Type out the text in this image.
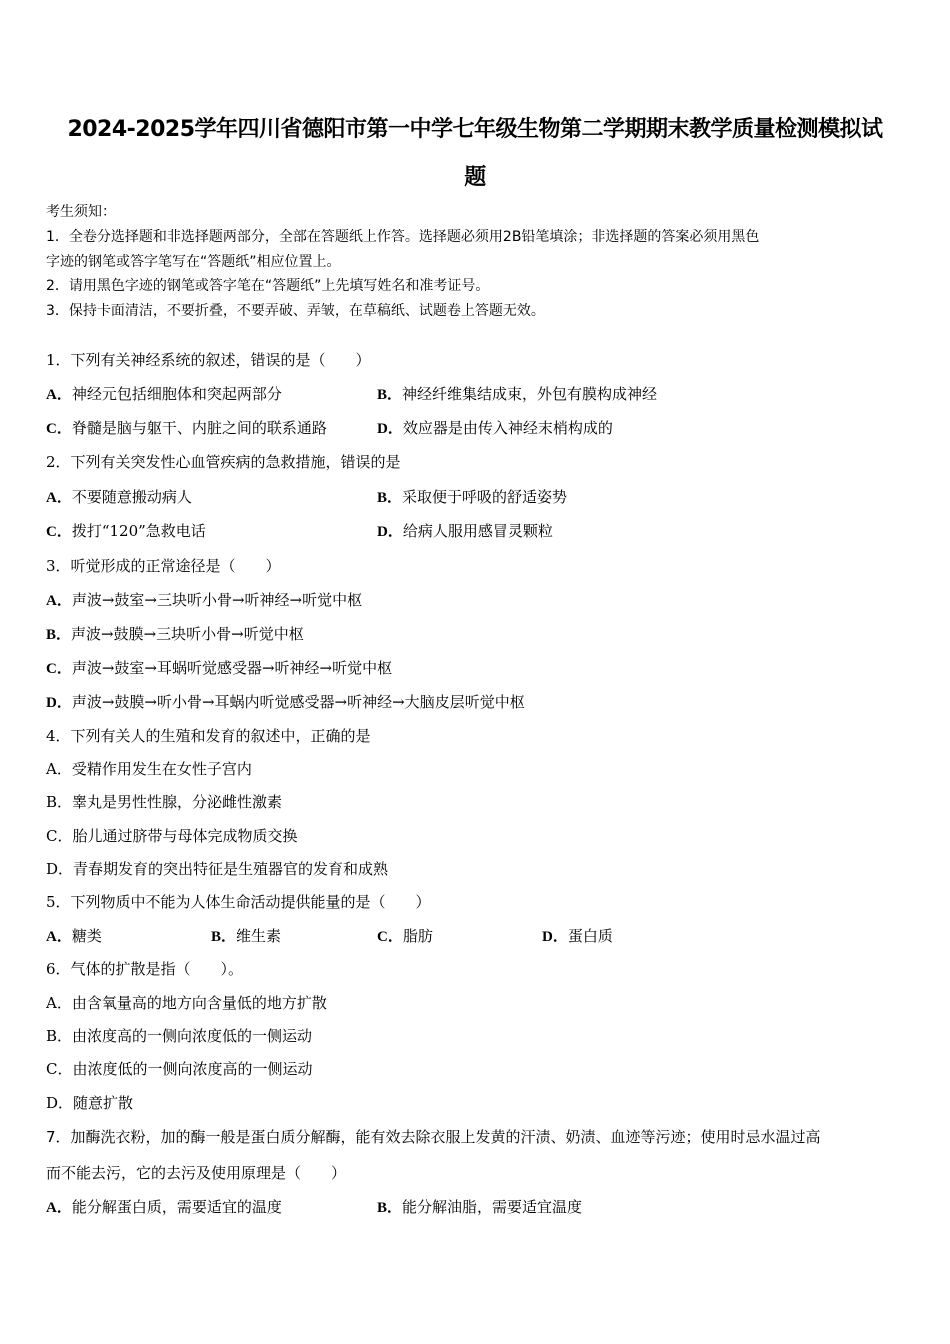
2024-2025学年四川省德阳市第一中学七年级生物第二学期期末教学质量检测模拟试
题
考生须知：
1．全卷分选择题和非选择题两部分，全部在答题纸上作答。选择题必须用2B铅笔填涂；非选择题的答案必须用黑色
字迹的钢笔或答字笔写在“答题纸”相应位置上。
2．请用黑色字迹的钢笔或答字笔在“答题纸”上先填写姓名和准考证号。
3．保持卡面清洁，不要折叠，不要弄破、弄皱，在草稿纸、试题卷上答题无效。
1．下列有关神经系统的叙述，错误的是（　　）
A．神经元包括细胞体和突起两部分	B．神经纤维集结成束，外包有膜构成神经
C．脊髓是脑与躯干、内脏之间的联系通路	D．效应器是由传入神经末梢构成的
2．下列有关突发性心血管疾病的急救措施，错误的是
A．不要随意搬动病人	B．采取便于呼吸的舒适姿势
C．拨打“120”急救电话	D．给病人服用感冒灵颗粒
3．听觉形成的正常途径是（　　）
A．声波→鼓室→三块听小骨→听神经→听觉中枢
B．声波→鼓膜→三块听小骨→听觉中枢
C．声波→鼓室→耳蜗听觉感受器→听神经→听觉中枢
D．声波→鼓膜→听小骨→耳蜗内听觉感受器→听神经→大脑皮层听觉中枢
4．下列有关人的生殖和发育的叙述中，正确的是
A．受精作用发生在女性子宫内
B．睾丸是男性性腺，分泌雌性激素
C．胎儿通过脐带与母体完成物质交换
D．青春期发育的突出特征是生殖器官的发育和成熟
5．下列物质中不能为人体生命活动提供能量的是（　　）
A．糖类	B．维生素	C．脂肪	D．蛋白质
6．气体的扩散是指（　　）。
A．由含氧量高的地方向含量低的地方扩散
B．由浓度高的一侧向浓度低的一侧运动
C．由浓度低的一侧向浓度高的一侧运动
D．随意扩散
7．加酶洗衣粉，加的酶一般是蛋白质分解酶，能有效去除衣服上发黄的汗渍、奶渍、血迹等污迹；使用时忌水温过高
而不能去污，它的去污及使用原理是（　　）
A．能分解蛋白质，需要适宜的温度	B．能分解油脂，需要适宜温度
